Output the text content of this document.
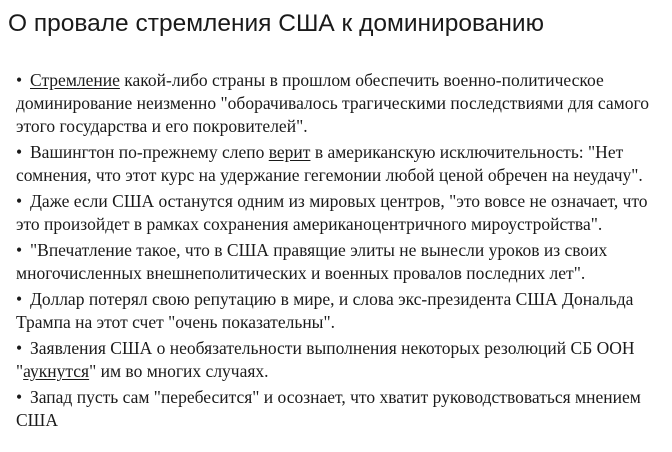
О провале стремления США к доминированию
• Стремление какой-либо страны в прошлом обеспечить военно-политическое доминирование неизменно "оборачивалось трагическими последствиями для самого этого государства и его покровителей".
• Вашингтон по-прежнему слепо верит в американскую исключительность: "Нет сомнения, что этот курс на удержание гегемонии любой ценой обречен на неудачу".
• Даже если США останутся одним из мировых центров, "это вовсе не означает, что это произойдет в рамках сохранения американоцентричного мироустройства".
• "Впечатление такое, что в США правящие элиты не вынесли уроков из своих многочисленных внешнеполитических и военных провалов последних лет".
• Доллар потерял свою репутацию в мире, и слова экс-президента США Дональда Трампа на этот счет "очень показательны".
• Заявления США о необязательности выполнения некоторых резолюций СБ ООН "аукнутся" им во многих случаях.
• Запад пусть сам "перебесится" и осознает, что хватит руководствоваться мнением США
